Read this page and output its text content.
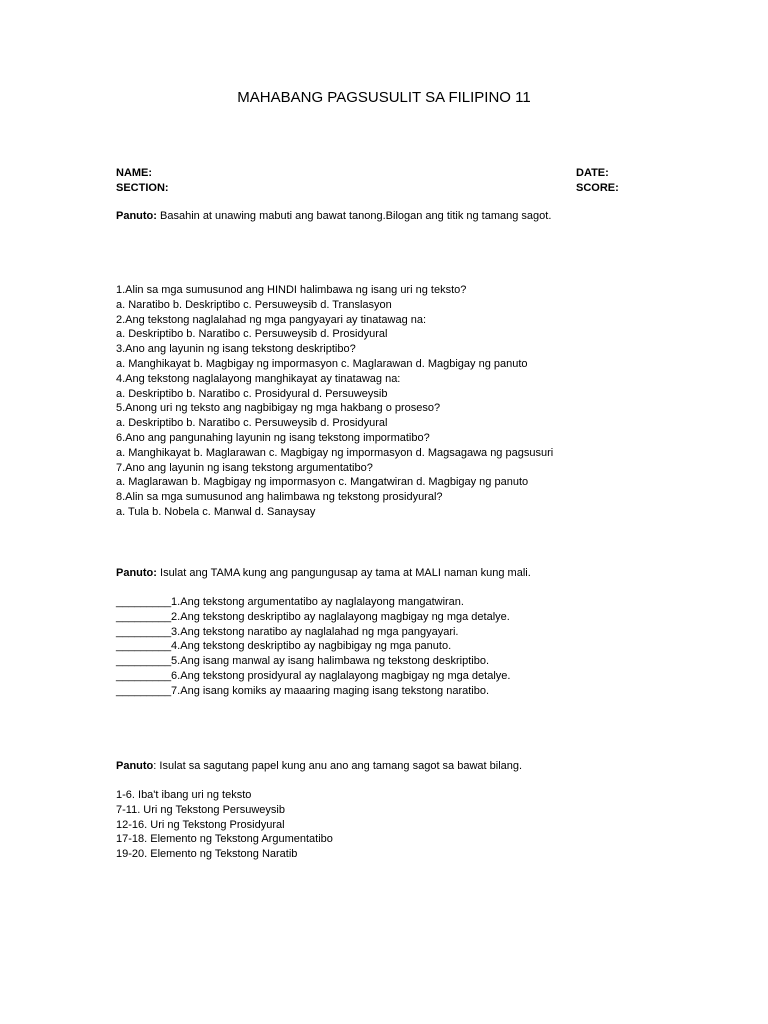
MAHABANG PAGSUSULIT SA FILIPINO 11
NAME:
SECTION:
DATE:
SCORE:
Panuto: Basahin at unawing mabuti ang bawat tanong.Bilogan ang titik ng tamang sagot.
1.Alin sa mga sumusunod ang HINDI halimbawa ng isang uri ng teksto?
a. Naratibo b. Deskriptibo c. Persuweysib d. Translasyon
2.Ang tekstong naglalahad ng mga pangyayari ay tinatawag na:
a. Deskriptibo b. Naratibo c. Persuweysib d. Prosidyural
3.Ano ang layunin ng isang tekstong deskriptibo?
a. Manghikayat b. Magbigay ng impormasyon c. Maglarawan d. Magbigay ng panuto
4.Ang tekstong naglalayong manghikayat ay tinatawag na:
a. Deskriptibo b. Naratibo c. Prosidyural d. Persuweysib
5.Anong uri ng teksto ang nagbibigay ng mga hakbang o proseso?
a. Deskriptibo b. Naratibo c. Persuweysib d. Prosidyural
6.Ano ang pangunahing layunin ng isang tekstong impormatibo?
a. Manghikayat b. Maglarawan c. Magbigay ng impormasyon d. Magsagawa ng pagsusuri
7.Ano ang layunin ng isang tekstong argumentatibo?
a. Maglarawan b. Magbigay ng impormasyon c. Mangatwiran d. Magbigay ng panuto
8.Alin sa mga sumusunod ang halimbawa ng tekstong prosidyural?
a. Tula b. Nobela c. Manwal d. Sanaysay
Panuto: Isulat ang TAMA kung ang pangungusap ay tama at MALI naman kung mali.
_________1.Ang tekstong argumentatibo ay naglalayong mangatwiran.
_________2.Ang tekstong deskriptibo ay naglalayong magbigay ng mga detalye.
_________3.Ang tekstong naratibo ay naglalahad ng mga pangyayari.
_________4.Ang tekstong deskriptibo ay nagbibigay ng mga panuto.
_________5.Ang isang manwal ay isang halimbawa ng tekstong deskriptibo.
_________6.Ang tekstong prosidyural ay naglalayong magbigay ng mga detalye.
_________7.Ang isang komiks ay maaaring maging isang tekstong naratibo.
Panuto: Isulat sa sagutang papel kung anu ano ang tamang sagot sa bawat bilang.
1-6. Iba't ibang uri ng teksto
7-11. Uri ng Tekstong Persuweysib
12-16. Uri ng Tekstong Prosidyural
17-18. Elemento ng Tekstong Argumentatibo
19-20. Elemento ng Tekstong Naratib
